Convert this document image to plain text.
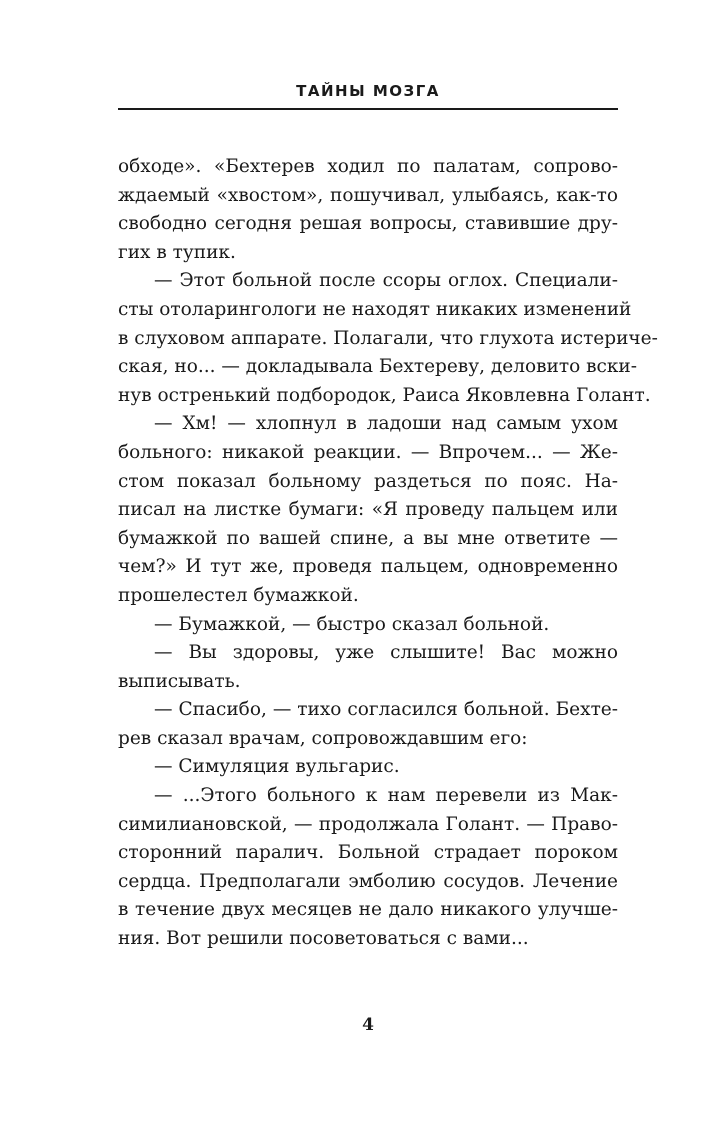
ТАЙНЫ МОЗГА
обходе». «Бехтерев ходил по палатам, сопрово-
ждаемый «хвостом», пошучивал, улыбаясь, как-то
свободно сегодня решая вопросы, ставившие дру-
гих в тупик.
— Этот больной после ссоры оглох. Специали-
сты отоларингологи не находят никаких изменений
в слуховом аппарате. Полагали, что глухота истериче-
ская, но... — докладывала Бехтереву, деловито вски-
нув остренький подбородок, Раиса Яковлевна Голант.
— Хм! — хлопнул в ладоши над самым ухом
больного: никакой реакции. — Впрочем... — Же-
стом показал больному раздеться по пояс. На-
писал на листке бумаги: «Я проведу пальцем или
бумажкой по вашей спине, а вы мне ответите —
чем?» И тут же, проведя пальцем, одновременно
прошелестел бумажкой.
— Бумажкой, — быстро сказал больной.
— Вы здоровы, уже слышите! Вас можно
выписывать.
— Спасибо, — тихо согласился больной. Бехте-
рев сказал врачам, сопровождавшим его:
— Симуляция вульгарис.
— ...Этого больного к нам перевели из Мак-
симилиановской, — продолжала Голант. — Право-
сторонний паралич. Больной страдает пороком
сердца. Предполагали эмболию сосудов. Лечение
в течение двух месяцев не дало никакого улучше-
ния. Вот решили посоветоваться с вами...
4
